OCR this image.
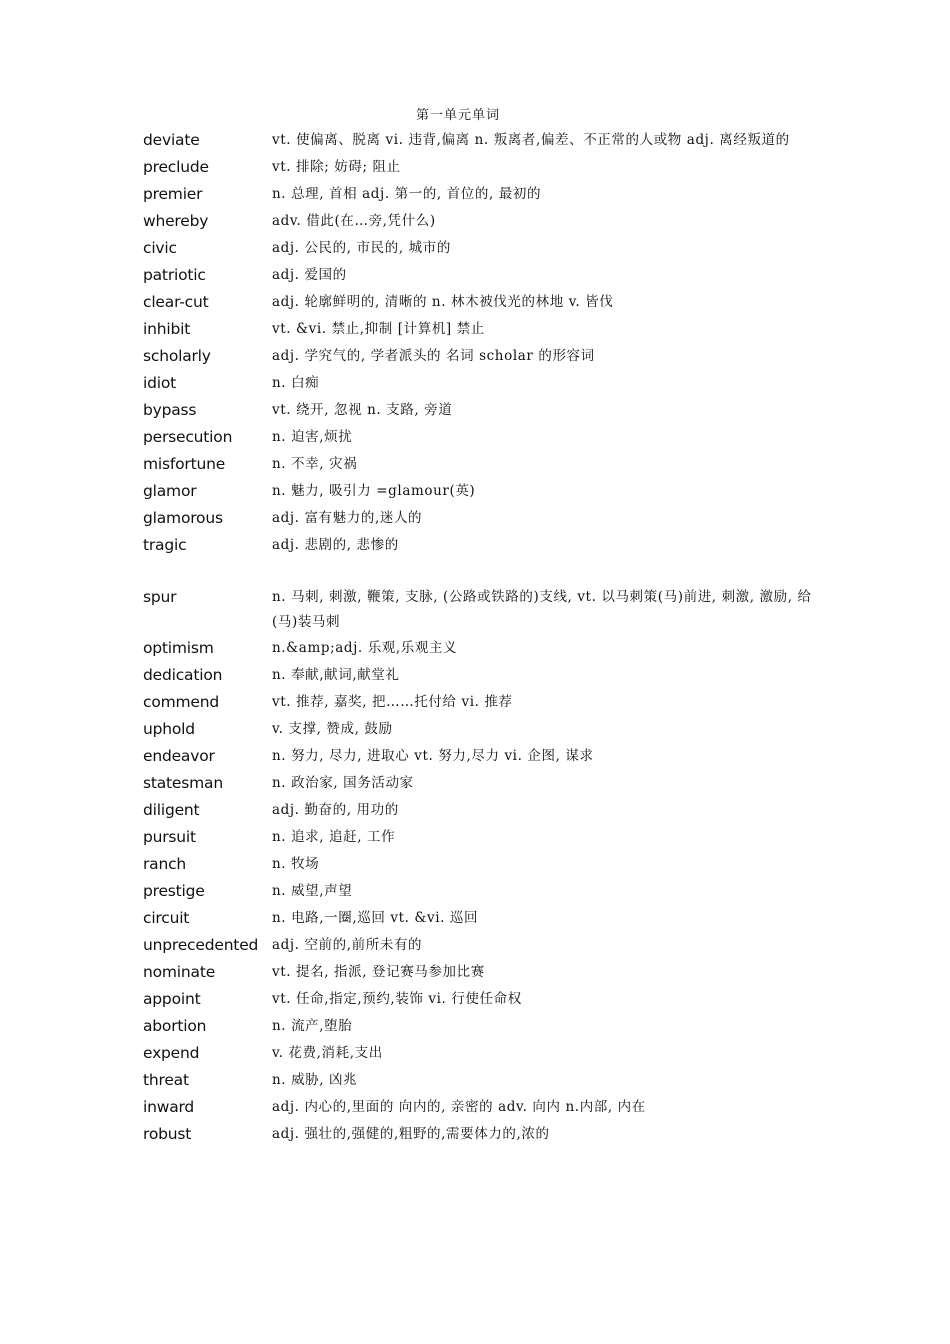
第一单元单词
deviate	vt. 使偏离、脱离 vi. 违背,偏离 n. 叛离者,偏差、不正常的人或物 adj. 离经叛道的
preclude	vt. 排除; 妨碍; 阻止
premier	n. 总理, 首相 adj. 第一的, 首位的, 最初的
whereby	adv. 借此(在…旁,凭什么)
civic	adj. 公民的, 市民的, 城市的
patriotic	adj. 爱国的
clear-cut	adj. 轮廓鲜明的, 清晰的 n. 林木被伐光的林地 v. 皆伐
inhibit	vt. &vi. 禁止,抑制 [计算机] 禁止
scholarly	adj. 学究气的, 学者派头的 名词 scholar 的形容词
idiot	n. 白痴
bypass	vt. 绕开, 忽视 n. 支路, 旁道
persecution	n. 迫害,烦扰
misfortune	n. 不幸, 灾祸
glamor	n. 魅力, 吸引力 =glamour(英)
glamorous	adj. 富有魅力的,迷人的
tragic	adj. 悲剧的, 悲惨的
spur	n. 马刺, 刺激, 鞭策, 支脉, (公路或铁路的)支线, vt. 以马刺策(马)前进, 刺激, 激励, 给(马)装马刺
optimism	n.&amp;adj. 乐观,乐观主义
dedication	n. 奉献,献词,献堂礼
commend	vt. 推荐, 嘉奖, 把……托付给 vi. 推荐
uphold	v. 支撑, 赞成, 鼓励
endeavor	n. 努力, 尽力, 进取心 vt. 努力,尽力 vi. 企图, 谋求
statesman	n. 政治家, 国务活动家
diligent	adj. 勤奋的, 用功的
pursuit	n. 追求, 追赶, 工作
ranch	n. 牧场
prestige	n. 威望,声望
circuit	n. 电路,一圈,巡回 vt. &vi. 巡回
unprecedented	adj. 空前的,前所未有的
nominate	vt. 提名, 指派, 登记赛马参加比赛
appoint	vt. 任命,指定,预约,装饰 vi. 行使任命权
abortion	n. 流产,堕胎
expend	v. 花费,消耗,支出
threat	n. 威胁, 凶兆
inward	adj. 内心的,里面的 向内的, 亲密的 adv. 向内 n.内部, 内在
robust	adj. 强壮的,强健的,粗野的,需要体力的,浓的
